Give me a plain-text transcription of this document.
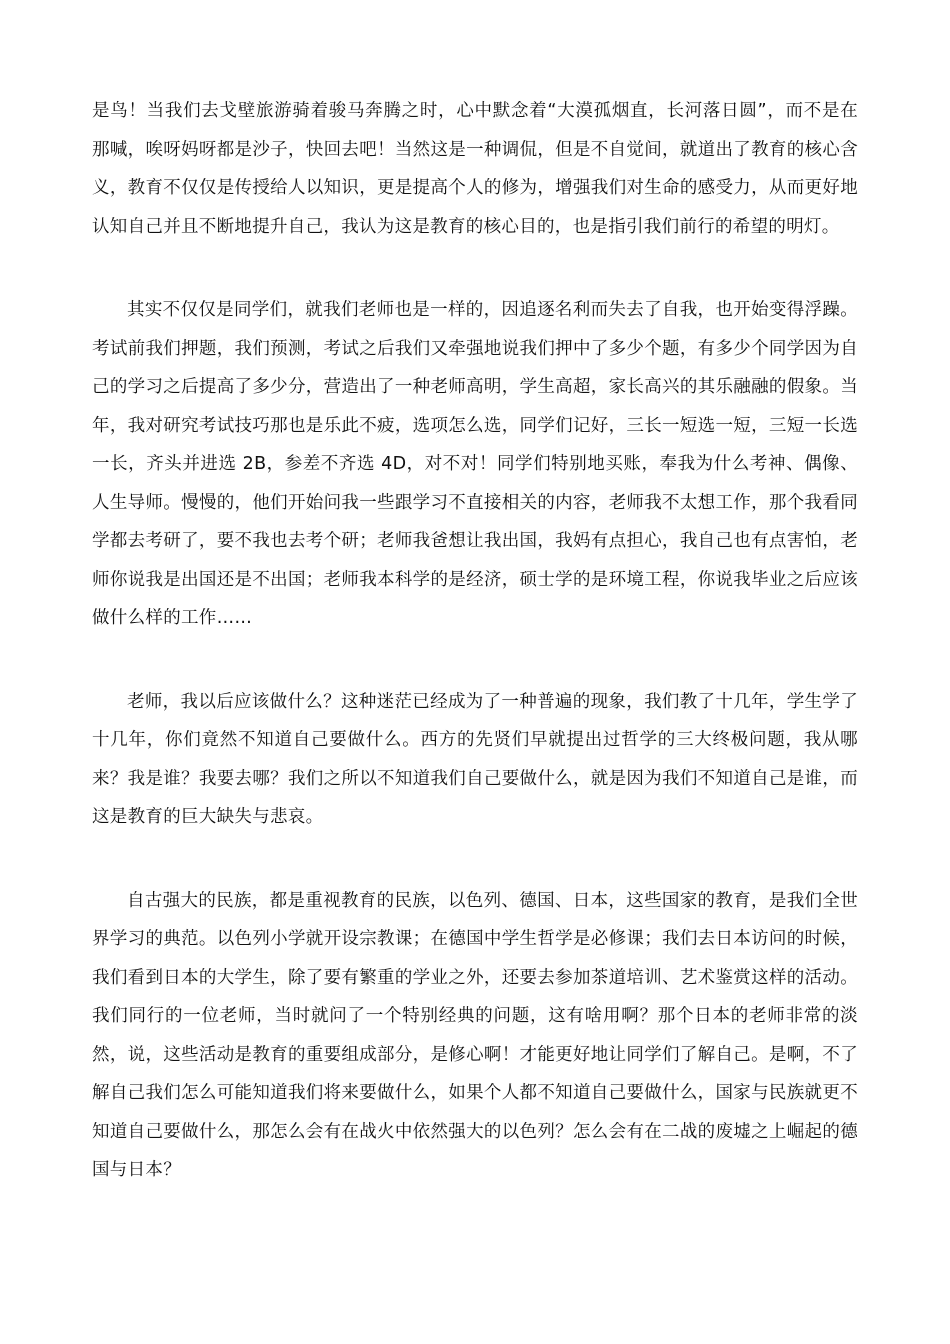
是鸟！当我们去戈壁旅游骑着骏马奔腾之时，心中默念着“大漠孤烟直，长河落日圆”，而不是在那喊，唉呀妈呀都是沙子，快回去吧！当然这是一种调侃，但是不自觉间，就道出了教育的核心含义，教育不仅仅是传授给人以知识，更是提高个人的修为，增强我们对生命的感受力，从而更好地认知自己并且不断地提升自己，我认为这是教育的核心目的，也是指引我们前行的希望的明灯。

其实不仅仅是同学们，就我们老师也是一样的，因追逐名利而失去了自我，也开始变得浮躁。考试前我们押题，我们预测，考试之后我们又牵强地说我们押中了多少个题，有多少个同学因为自己的学习之后提高了多少分，营造出了一种老师高明，学生高超，家长高兴的其乐融融的假象。当年，我对研究考试技巧那也是乐此不疲，选项怎么选，同学们记好，三长一短选一短，三短一长选一长，齐头并进选 2B，参差不齐选 4D，对不对！同学们特别地买账，奉我为什么考神、偶像、人生导师。慢慢的，他们开始问我一些跟学习不直接相关的内容，老师我不太想工作，那个我看同学都去考研了，要不我也去考个研；老师我爸想让我出国，我妈有点担心，我自己也有点害怕，老师你说我是出国还是不出国；老师我本科学的是经济，硕士学的是环境工程，你说我毕业之后应该做什么样的工作……

老师，我以后应该做什么？这种迷茫已经成为了一种普遍的现象，我们教了十几年，学生学了十几年，你们竟然不知道自己要做什么。西方的先贤们早就提出过哲学的三大终极问题，我从哪来？我是谁？我要去哪？我们之所以不知道我们自己要做什么，就是因为我们不知道自己是谁，而这是教育的巨大缺失与悲哀。

自古强大的民族，都是重视教育的民族，以色列、德国、日本，这些国家的教育，是我们全世界学习的典范。以色列小学就开设宗教课；在德国中学生哲学是必修课；我们去日本访问的时候，我们看到日本的大学生，除了要有繁重的学业之外，还要去参加茶道培训、艺术鉴赏这样的活动。我们同行的一位老师，当时就问了一个特别经典的问题，这有啥用啊？那个日本的老师非常的淡然，说，这些活动是教育的重要组成部分，是修心啊！才能更好地让同学们了解自己。是啊，不了解自己我们怎么可能知道我们将来要做什么，如果个人都不知道自己要做什么，国家与民族就更不知道自己要做什么，那怎么会有在战火中依然强大的以色列？怎么会有在二战的废墟之上崛起的德国与日本？
